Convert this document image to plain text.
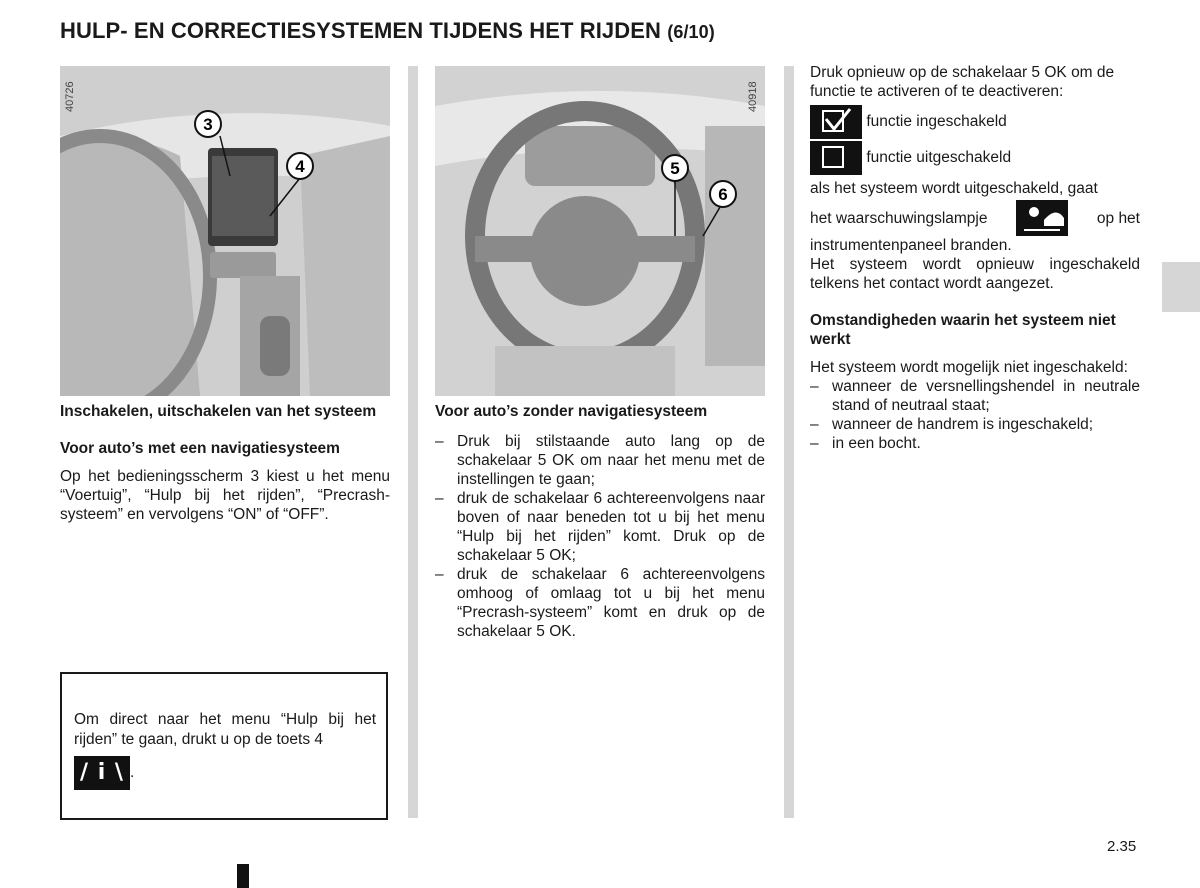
HULP- EN CORRECTIESYSTEMEN TIJDENS HET RIJDEN (6/10)
3
4
40726
5
6
40918

Inschakelen, uitschakelen van het systeem

Voor auto’s met een navigatiesysteem

Op het bedieningsscherm 3 kiest u het menu “Voertuig”, “Hulp bij het rijden”, “Precrash-systeem” en vervolgens “ON” of “OFF”.

Om direct naar het menu “Hulp bij het rijden” te gaan, drukt u op de toets 4
/ i \ .

Voor auto’s zonder navigatiesysteem

– Druk bij stilstaande auto lang op de schakelaar 5 OK om naar het menu met de instellingen te gaan;
– druk de schakelaar 6 achtereenvolgens naar boven of naar beneden tot u bij het menu “Hulp bij het rijden” komt. Druk op de schakelaar 5 OK;
– druk de schakelaar 6 achtereenvolgens omhoog of omlaag tot u bij het menu “Precrash-systeem” komt en druk op de schakelaar 5 OK.

Druk opnieuw op de schakelaar 5 OK om de functie te activeren of te deactiveren:

functie ingeschakeld
functie uitgeschakeld

als het systeem wordt uitgeschakeld, gaat

het waarschuwingslampje	op het

instrumentenpaneel branden.

Het systeem wordt opnieuw ingeschakeld telkens het contact wordt aangezet.

Omstandigheden waarin het systeem niet werkt

Het systeem wordt mogelijk niet ingeschakeld:

– wanneer de versnellingshendel in neutrale stand of neutraal staat;
– wanneer de handrem is ingeschakeld;
– in een bocht.
2.35
